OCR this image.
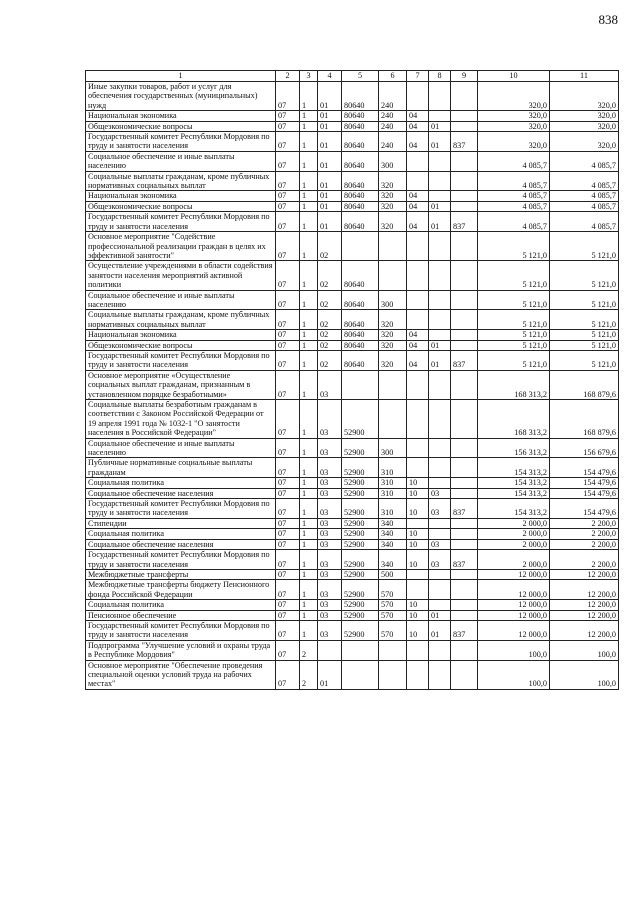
838
1	2	3	4	5	6	7	8	9	10	11
Иные закупки товаров, работ и услуг для обеспечения государственных (муниципальных) нужд	07	1	01	80640	240				320,0	320,0
Национальная экономика	07	1	01	80640	240	04			320,0	320,0
Общеэкономические вопросы	07	1	01	80640	240	04	01		320,0	320,0
Государственный комитет Республики Мордовия по труду и занятости населения	07	1	01	80640	240	04	01	837	320,0	320,0
Социальное обеспечение и иные выплаты населению	07	1	01	80640	300				4 085,7	4 085,7
Социальные выплаты гражданам, кроме публичных нормативных социальных выплат	07	1	01	80640	320				4 085,7	4 085,7
Национальная экономика	07	1	01	80640	320	04			4 085,7	4 085,7
Общеэкономические вопросы	07	1	01	80640	320	04	01		4 085,7	4 085,7
Государственный комитет Республики Мордовия по труду и занятости населения	07	1	01	80640	320	04	01	837	4 085,7	4 085,7
Основное мероприятие "Содействие профессиональной реализации граждан в целях их эффективной занятости"	07	1	02						5 121,0	5 121,0
Осуществление учреждениями в области содействия занятости населения мероприятий активной политики	07	1	02	80640					5 121,0	5 121,0
Социальное обеспечение и иные выплаты населению	07	1	02	80640	300				5 121,0	5 121,0
Социальные выплаты гражданам, кроме публичных нормативных социальных выплат	07	1	02	80640	320				5 121,0	5 121,0
Национальная экономика	07	1	02	80640	320	04			5 121,0	5 121,0
Общеэкономические вопросы	07	1	02	80640	320	04	01		5 121,0	5 121,0
Государственный комитет Республики Мордовия по труду и занятости населения	07	1	02	80640	320	04	01	837	5 121,0	5 121,0
Основное мероприятие «Осуществление социальных выплат гражданам, признанным в установленном порядке безработными»	07	1	03						168 313,2	168 879,6
Социальные выплаты безработным гражданам в соответствии с Законом Российской Федерации от 19 апреля 1991 года № 1032-1 "О занятости населения в Российской Федерации"	07	1	03	52900					168 313,2	168 879,6
Социальное обеспечение и иные выплаты населению	07	1	03	52900	300				156 313,2	156 679,6
Публичные нормативные социальные выплаты гражданам	07	1	03	52900	310				154 313,2	154 479,6
Социальная политика	07	1	03	52900	310	10			154 313,2	154 479,6
Социальное обеспечение населения	07	1	03	52900	310	10	03		154 313,2	154 479,6
Государственный комитет Республики Мордовия по труду и занятости населения	07	1	03	52900	310	10	03	837	154 313,2	154 479,6
Стипендии	07	1	03	52900	340				2 000,0	2 200,0
Социальная политика	07	1	03	52900	340	10			2 000,0	2 200,0
Социальное обеспечение населения	07	1	03	52900	340	10	03		2 000,0	2 200,0
Государственный комитет Республики Мордовия по труду и занятости населения	07	1	03	52900	340	10	03	837	2 000,0	2 200,0
Межбюджетные трансферты	07	1	03	52900	500				12 000,0	12 200,0
Межбюджетные трансферты бюджету Пенсионного фонда Российской Федерации	07	1	03	52900	570				12 000,0	12 200,0
Социальная политика	07	1	03	52900	570	10			12 000,0	12 200,0
Пенсионное обеспечение	07	1	03	52900	570	10	01		12 000,0	12 200,0
Государственный комитет Республики Мордовия по труду и занятости населения	07	1	03	52900	570	10	01	837	12 000,0	12 200,0
Подпрограмма "Улучшение условий и охраны труда в Республике Мордовия"	07	2							100,0	100,0
Основное мероприятие "Обеспечение проведения специальной оценки условий труда на рабочих местах"	07	2	01						100,0	100,0
